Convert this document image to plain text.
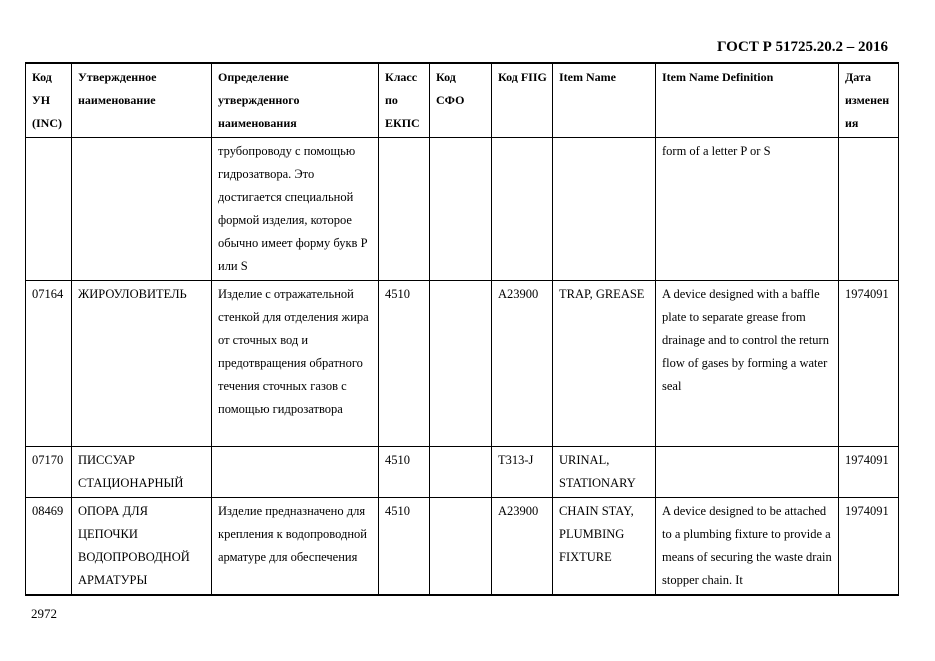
ГОСТ Р 51725.20.2 – 2016
Код УН (INC)	Утвержденное наименование	Определение утвержденного наименования	Класс по ЕКПС	Код СФО	Код FIIG	Item Name	Item Name Definition	Дата изменения
		трубопроводу с помощью гидрозатвора. Это достигается специальной формой изделия, которое обычно имеет форму букв Р или S					form of a letter P or S	
07164	ЖИРОУЛОВИТЕЛЬ	Изделие с отражательной стенкой для отделения жира от сточных вод и предотвращения обратного течения сточных газов с помощью гидрозатвора	4510		A23900	TRAP, GREASE	A device designed with a baffle plate to separate grease from drainage and to control the return flow of gases by forming a water seal	1974091
07170	ПИССУАР СТАЦИОНАРНЫЙ		4510		T313-J	URINAL, STATIONARY		1974091
08469	ОПОРА ДЛЯ ЦЕПОЧКИ ВОДОПРОВОДНОЙ АРМАТУРЫ	Изделие предназначено для крепления к водопроводной арматуре для обеспечения	4510		A23900	CHAIN STAY, PLUMBING FIXTURE	A device designed to be attached to a plumbing fixture to provide a means of securing the waste drain stopper chain. It	1974091
2972
